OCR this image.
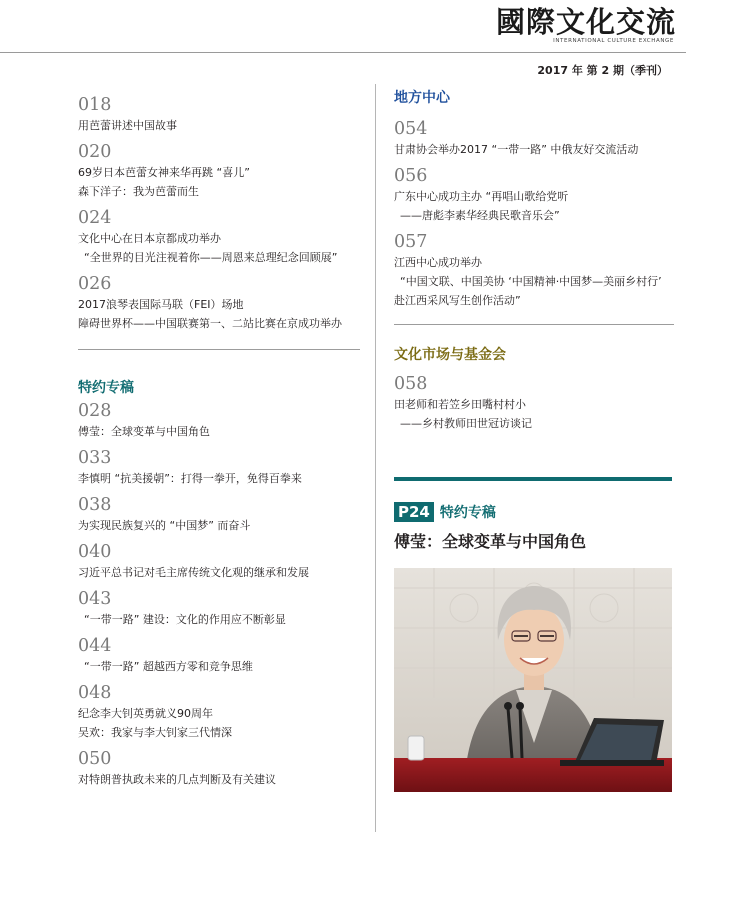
國際文化交流
INTERNATIONAL CULTURE EXCHANGE
2017 年 第 2 期（季刊）
018
用芭蕾讲述中国故事
020
69岁日本芭蕾女神来华再跳 “喜儿”
森下洋子：我为芭蕾而生
024
文化中心在日本京都成功举办
“全世界的目光注视着你——周恩来总理纪念回顾展”
026
2017浪琴表国际马联（FEI）场地
障碍世界杯——中国联赛第一、二站比赛在京成功举办
特约专稿
028
傅莹：全球变革与中国角色
033
李慎明 “抗美援朝”：打得一拳开，免得百拳来
038
为实现民族复兴的 “中国梦” 而奋斗
040
习近平总书记对毛主席传统文化观的继承和发展
043
“一带一路” 建设：文化的作用应不断彰显
044
“一带一路” 超越西方零和竞争思维
048
纪念李大钊英勇就义90周年
吴欢：我家与李大钊家三代情深
050
对特朗普执政未来的几点判断及有关建议
地方中心
054
甘肃协会举办2017 “一带一路” 中俄友好交流活动
056
广东中心成功主办 “再唱山歌给党听
——唐彪李素华经典民歌音乐会”
057
江西中心成功举办
“中国文联、中国美协 ‘中国精神·中国梦—美丽乡村行’
赴江西采风写生创作活动”
文化市场与基金会
058
田老师和若笠乡田嘴村村小
——乡村教师田世冠访谈记
P24 特约专稿
傅莹：全球变革与中国角色
